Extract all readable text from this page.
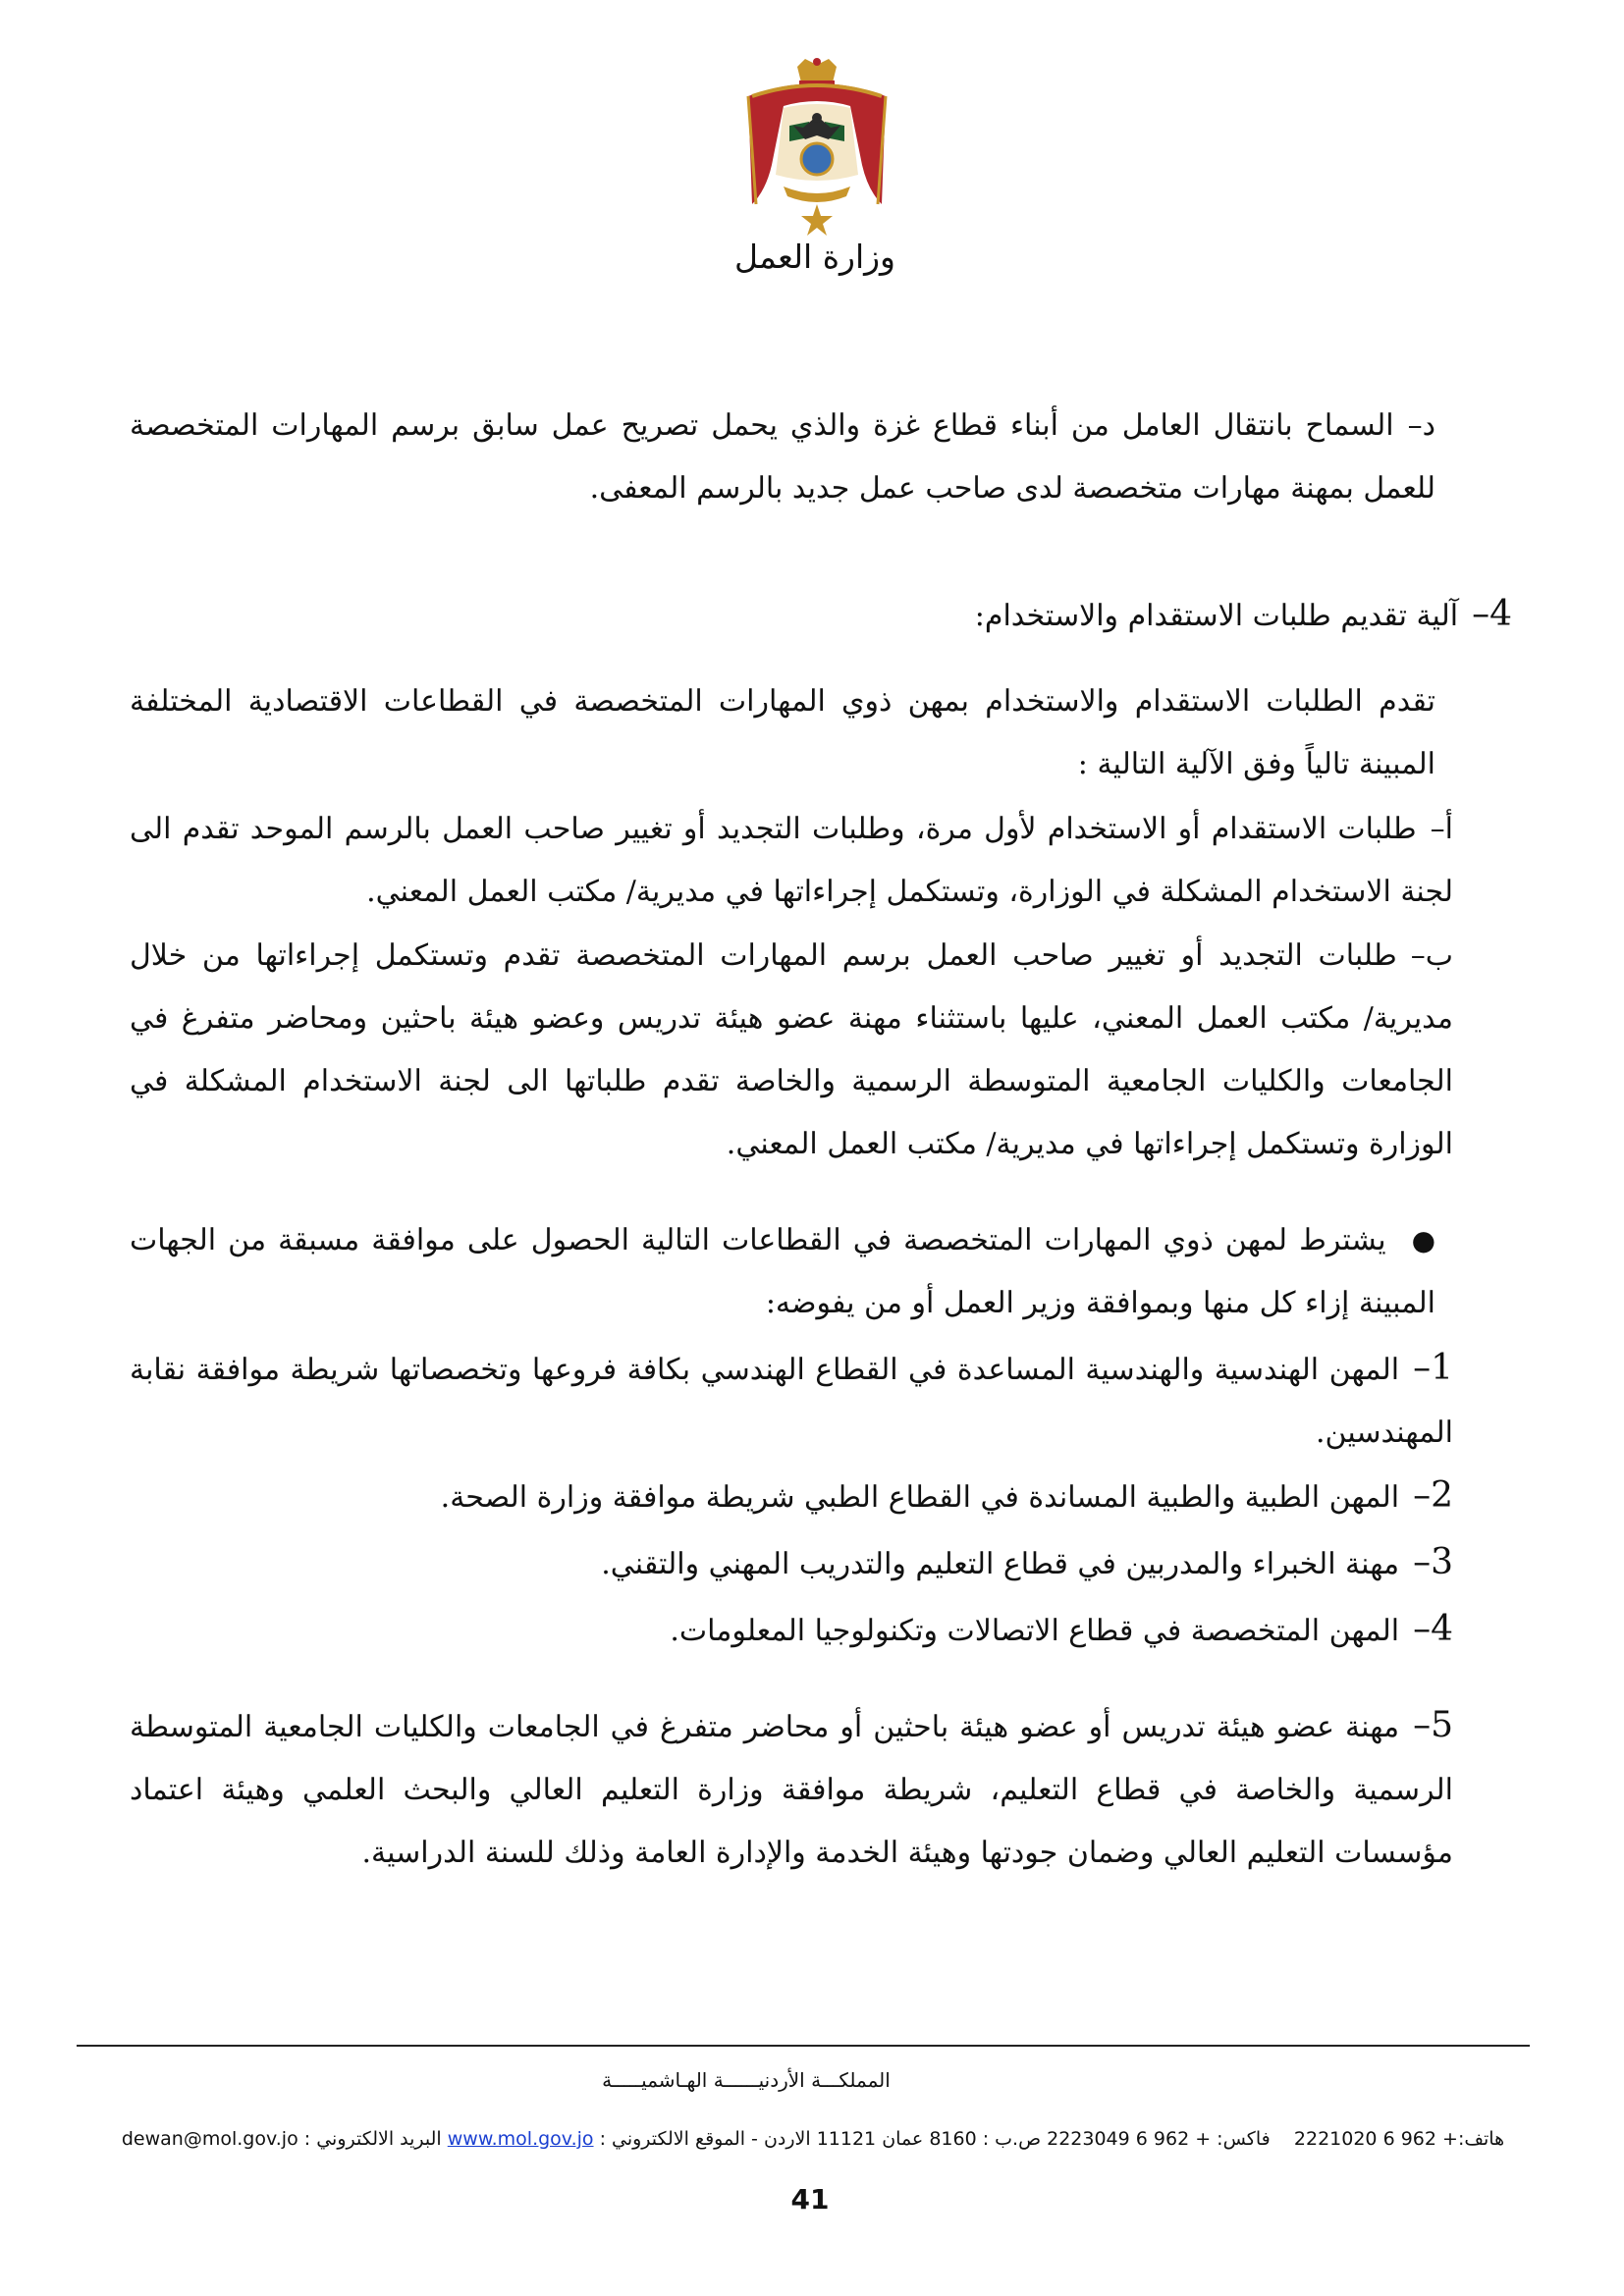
وزارة العمل
د–السماح بانتقال العامل من أبناء قطاع غزة والذي يحمل تصريح عمل سابق برسم المهارات المتخصصة للعمل بمهنة مهارات متخصصة لدى صاحب عمل جديد بالرسم المعفى.
4–آلية تقديم طلبات الاستقدام والاستخدام:
تقدم الطلبات الاستقدام والاستخدام بمهن ذوي المهارات المتخصصة في القطاعات الاقتصادية المختلفة المبينة تالياً وفق الآلية التالية :
أ–طلبات الاستقدام أو الاستخدام لأول مرة، وطلبات التجديد أو تغيير صاحب العمل بالرسم الموحد تقدم الى لجنة الاستخدام المشكلة في الوزارة، وتستكمل إجراءاتها في مديرية/ مكتب العمل المعني.
ب–طلبات التجديد أو تغيير صاحب العمل برسم المهارات المتخصصة تقدم وتستكمل إجراءاتها من خلال مديرية/ مكتب العمل المعني، عليها باستثناء مهنة عضو هيئة تدريس وعضو هيئة باحثين ومحاضر متفرغ في الجامعات والكليات الجامعية المتوسطة الرسمية والخاصة تقدم طلباتها الى لجنة الاستخدام المشكلة في الوزارة وتستكمل إجراءاتها في مديرية/ مكتب العمل المعني.
●يشترط لمهن ذوي المهارات المتخصصة في القطاعات التالية الحصول على موافقة مسبقة من الجهات المبينة إزاء كل منها وبموافقة وزير العمل أو من يفوضه:
1–المهن الهندسية والهندسية المساعدة في القطاع الهندسي بكافة فروعها وتخصصاتها شريطة موافقة نقابة المهندسين.
2–المهن الطبية والطبية المساندة في القطاع الطبي شريطة موافقة وزارة الصحة.
3–مهنة الخبراء والمدربين في قطاع التعليم والتدريب المهني والتقني.
4–المهن المتخصصة في قطاع الاتصالات وتكنولوجيا المعلومات.
5–مهنة عضو هيئة تدريس أو عضو هيئة باحثين أو محاضر متفرغ في الجامعات والكليات الجامعية المتوسطة الرسمية والخاصة في قطاع التعليم، شريطة موافقة وزارة التعليم العالي والبحث العلمي وهيئة اعتماد مؤسسات التعليم العالي وضمان جودتها وهيئة الخدمة والإدارة العامة وذلك للسنة الدراسية.
المملكـــة الأردنيــــــة الهـاشميـــــة
هاتف:+ 962 6 2221020    فاكس: + 962 6 2223049 ص.ب : 8160 عمان 11121 الاردن - الموقع الالكتروني : www.mol.gov.jo البريد الالكتروني : dewan@mol.gov.jo
41
